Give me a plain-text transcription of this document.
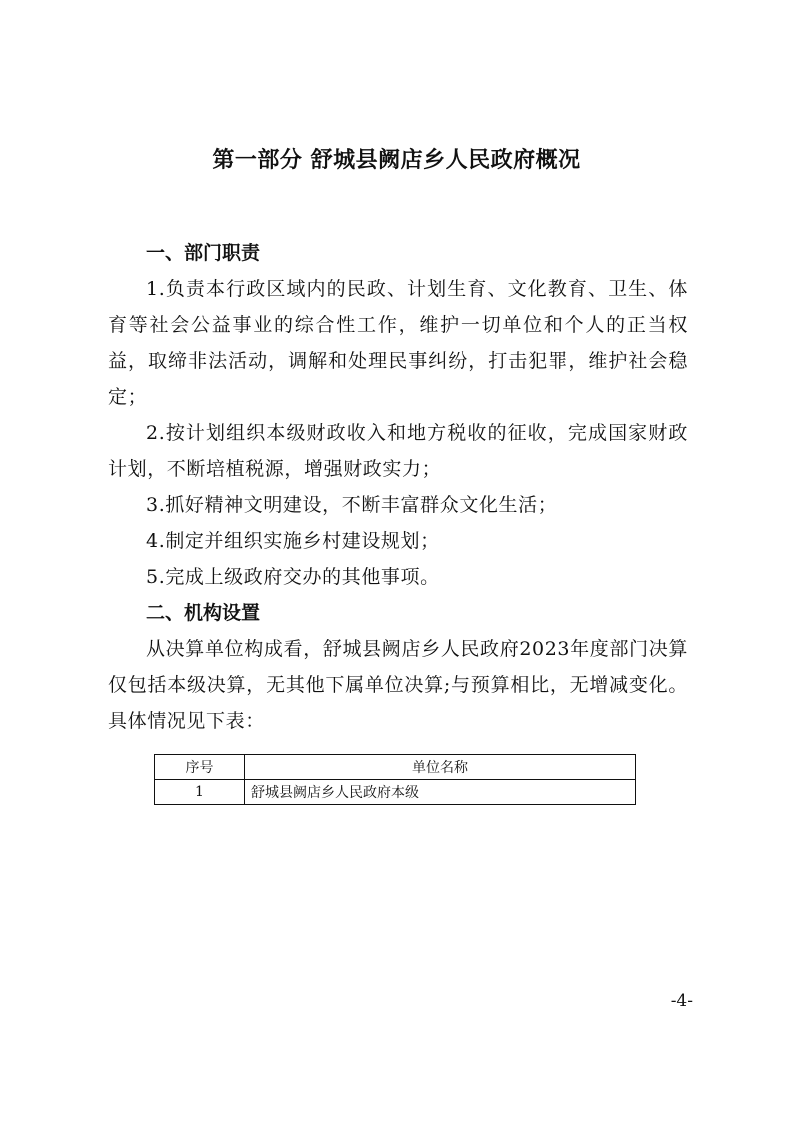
第一部分 舒城县阙店乡人民政府概况

一、部门职责

1.负责本行政区域内的民政、计划生育、文化教育、卫生、体育等社会公益事业的综合性工作，维护一切单位和个人的正当权益，取缔非法活动，调解和处理民事纠纷，打击犯罪，维护社会稳定；

2.按计划组织本级财政收入和地方税收的征收，完成国家财政计划，不断培植税源，增强财政实力；

3.抓好精神文明建设，不断丰富群众文化生活；

4.制定并组织实施乡村建设规划；

5.完成上级政府交办的其他事项。

二、机构设置

从决算单位构成看，舒城县阙店乡人民政府2023年度部门决算仅包括本级决算，无其他下属单位决算;与预算相比，无增减变化。具体情况见下表：

序号	单位名称
1	舒城县阙店乡人民政府本级
-4-
